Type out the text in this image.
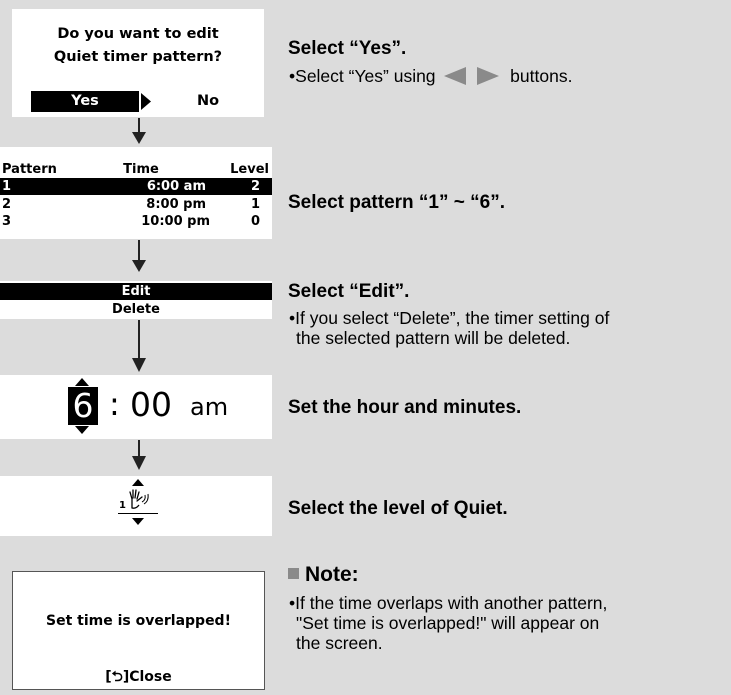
Do you want to edit
Quiet timer pattern?
Yes	No
Pattern	Time	Level
1	6:00 am	2
2	8:00 pm	1
3	10:00 pm	0
Edit
Delete
6 : 00 am
1
Set time is overlapped!
[⮌]Close
Select “Yes”.
•Select “Yes” using	buttons.
Select pattern “1” ~ “6”.
Select “Edit”.
•If you select “Delete”, the timer setting of
the selected pattern will be deleted.
Set the hour and minutes.
Select the level of Quiet.
Note:
•If the time overlaps with another pattern,
"Set time is overlapped!" will appear on
the screen.
